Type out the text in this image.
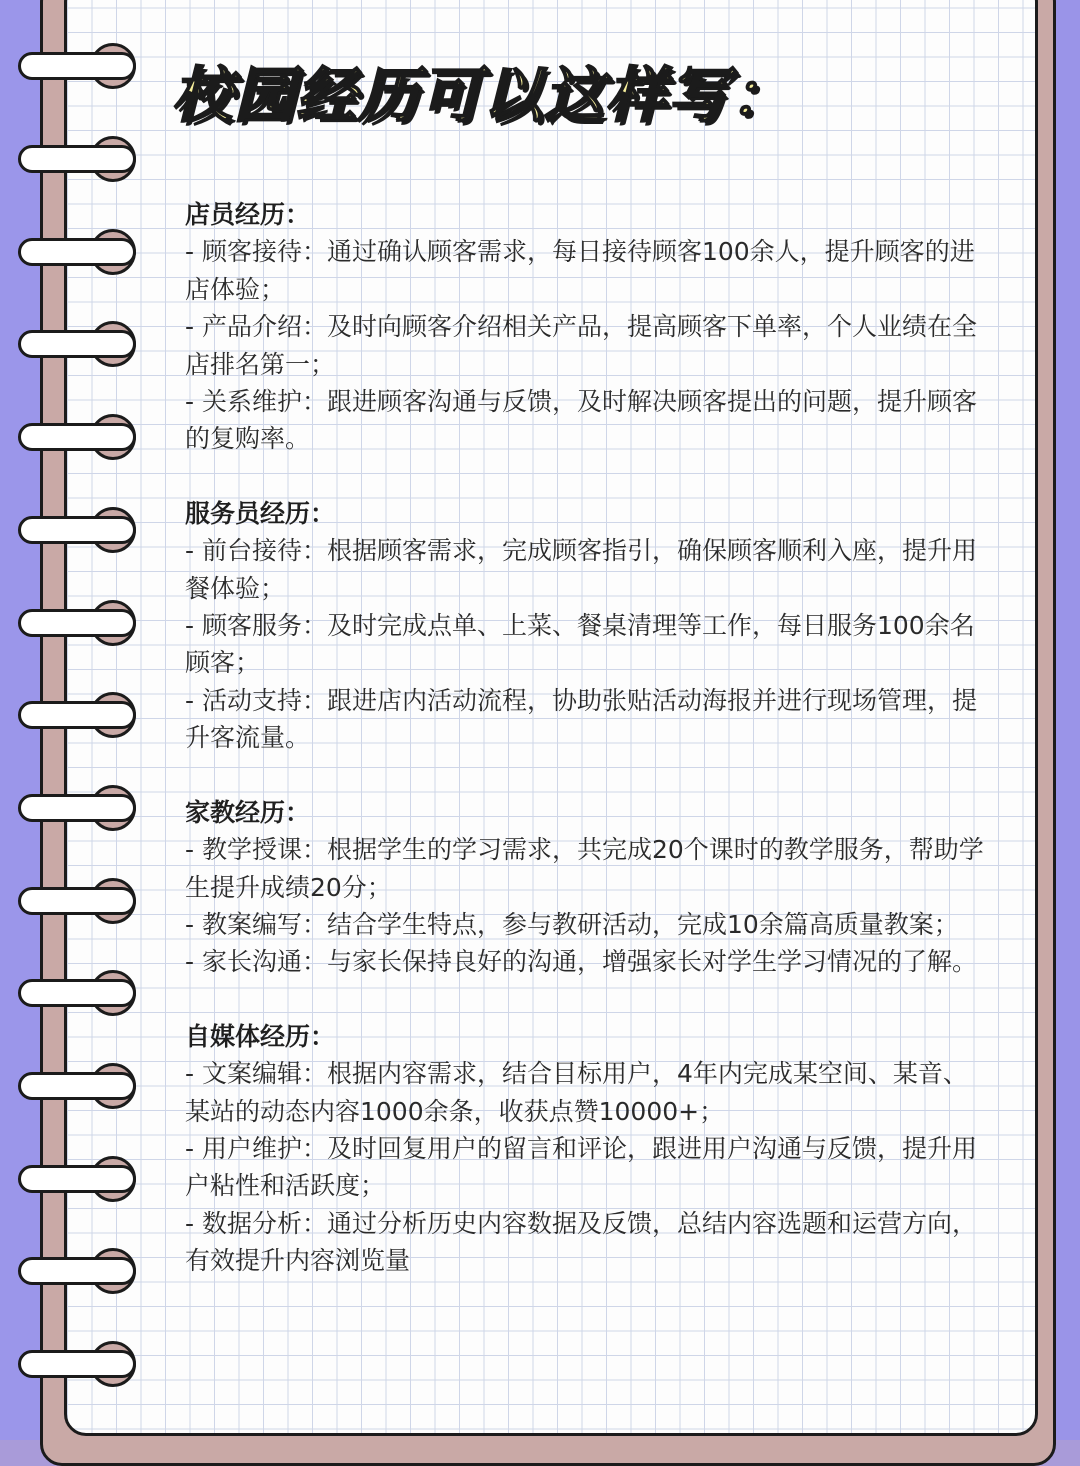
校园经历可以这样写：

店员经历：

- 顾客接待：通过确认顾客需求，每日接待顾客100余人，提升顾客的进店体验；

- 产品介绍：及时向顾客介绍相关产品，提高顾客下单率，个人业绩在全店排名第一；

- 关系维护：跟进顾客沟通与反馈，及时解决顾客提出的问题，提升顾客的复购率。

服务员经历：

- 前台接待：根据顾客需求，完成顾客指引，确保顾客顺利入座，提升用餐体验；

- 顾客服务：及时完成点单、上菜、餐桌清理等工作，每日服务100余名顾客；

- 活动支持：跟进店内活动流程，协助张贴活动海报并进行现场管理，提升客流量。

家教经历：

- 教学授课：根据学生的学习需求，共完成20个课时的教学服务，帮助学生提升成绩20分；

- 教案编写：结合学生特点，参与教研活动，完成10余篇高质量教案；

- 家长沟通：与家长保持良好的沟通，增强家长对学生学习情况的了解。

自媒体经历：

- 文案编辑：根据内容需求，结合目标用户，4年内完成某空间、某音、某站的动态内容1000余条，收获点赞10000+；

- 用户维护：及时回复用户的留言和评论，跟进用户沟通与反馈，提升用户粘性和活跃度；

- 数据分析：通过分析历史内容数据及反馈，总结内容选题和运营方向，有效提升内容浏览量
